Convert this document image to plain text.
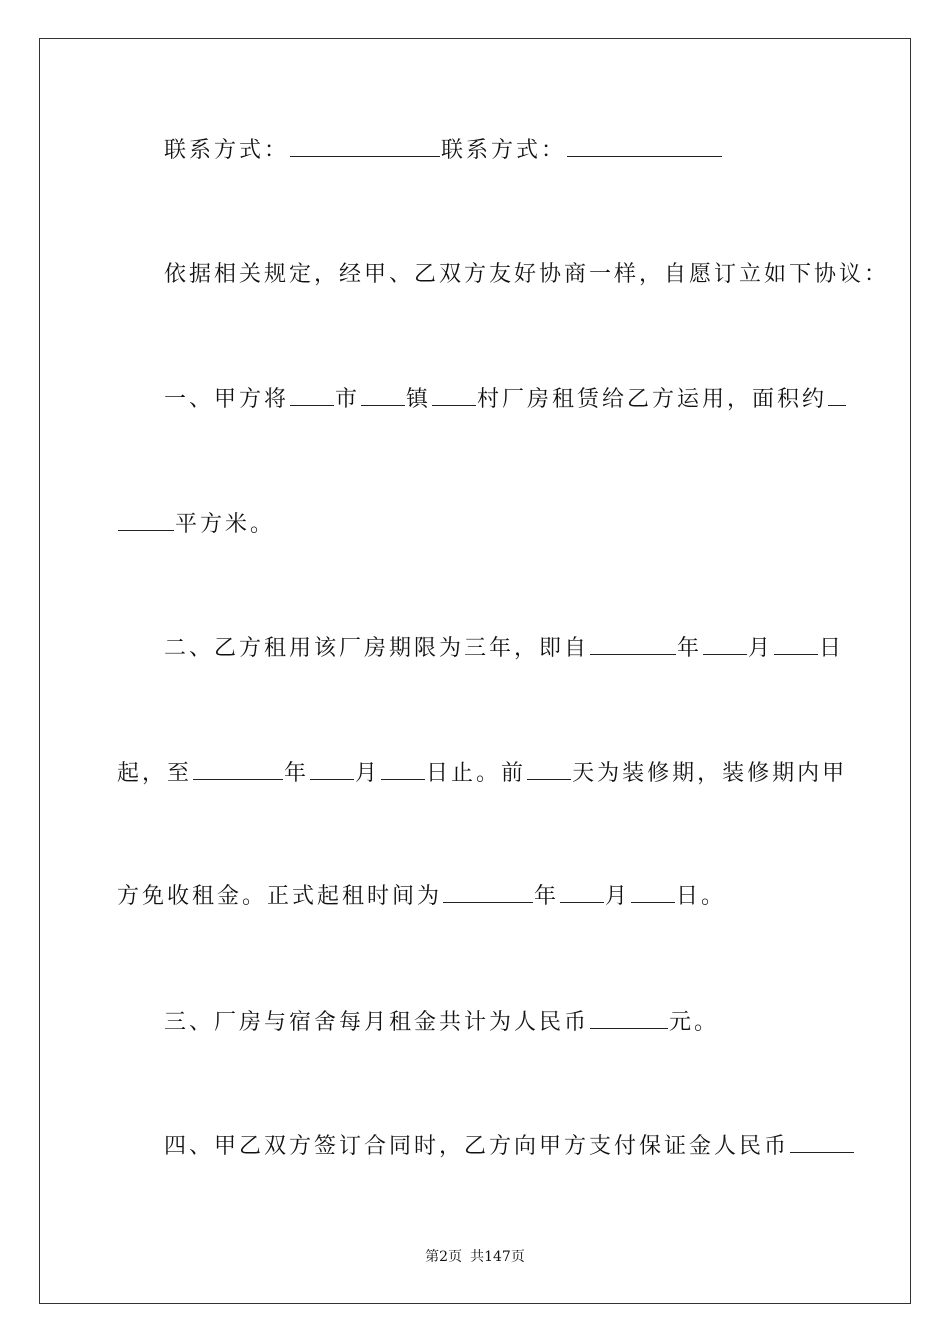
联系方式：	联系方式：
依据相关规定，经甲、乙双方友好协商一样，自愿订立如下协议：
一、甲方将 市 镇 村厂房租赁给乙方运用，面积约
平方米。
二、乙方租用该厂房期限为三年，即自	年 月 日
起，至	年 月 日止。前 天为装修期，装修期内甲
方免收租金。正式起租时间为	年 月 日。
三、厂房与宿舍每月租金共计为人民币	元。
四、甲乙双方签订合同时，乙方向甲方支付保证金人民币
第2页 共147页
